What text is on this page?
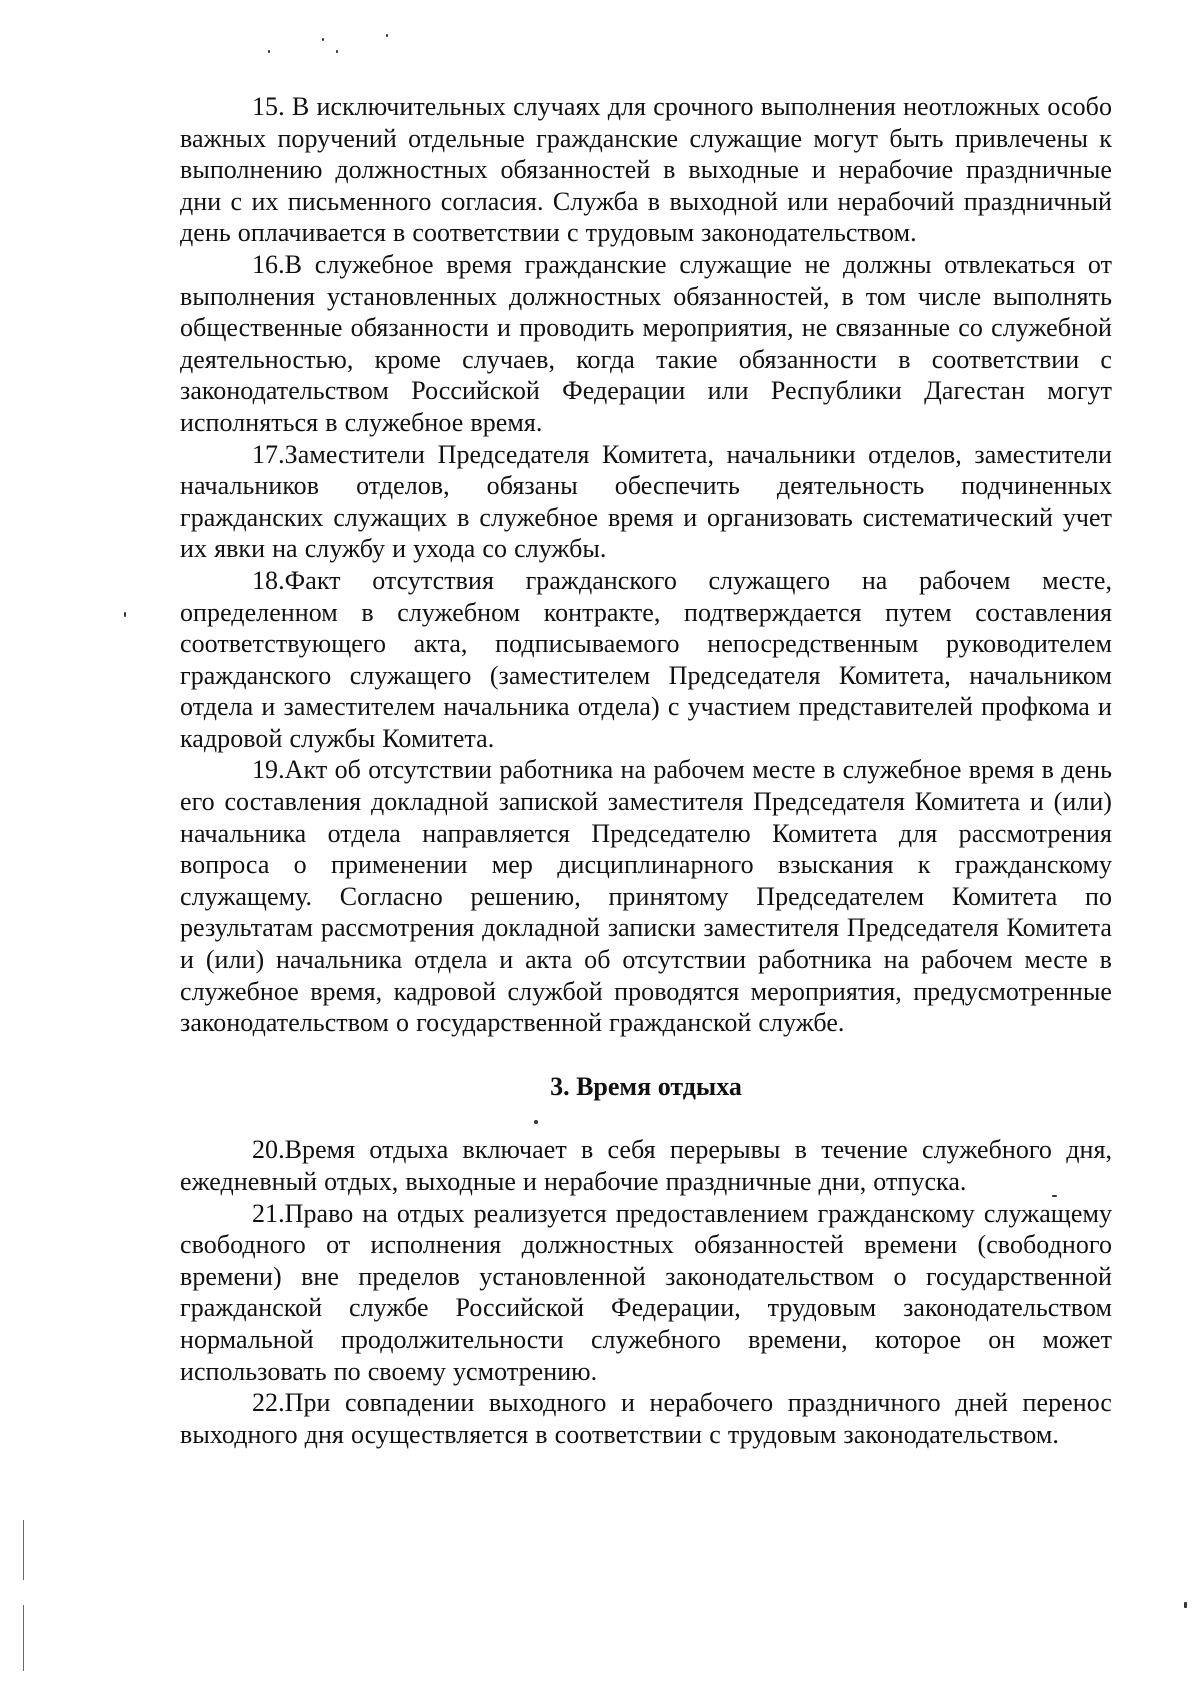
15. В исключительных случаях для срочного выполнения неотложных особо важных поручений отдельные гражданские служащие могут быть привлечены к выполнению должностных обязанностей в выходные и нерабочие праздничные дни с их письменного согласия. Служба в выходной или нерабочий праздничный день оплачивается в соответствии с трудовым законодательством.

16.В служебное время гражданские служащие не должны отвлекаться от выполнения установленных должностных обязанностей, в том числе выполнять общественные обязанности и проводить мероприятия, не связанные со служебной деятельностью, кроме случаев, когда такие обязанности в соответствии с законодательством Российской Федерации или Республики Дагестан могут исполняться в служебное время.

17.Заместители Председателя Комитета, начальники отделов, заместители начальников отделов, обязаны обеспечить деятельность подчиненных гражданских служащих в служебное время и организовать систематический учет их явки на службу и ухода со службы.

18.Факт отсутствия гражданского служащего на рабочем месте, определенном в служебном контракте, подтверждается путем составления соответствующего акта, подписываемого непосредственным руководителем гражданского служащего (заместителем Председателя Комитета, начальником отдела и заместителем начальника отдела) с участием представителей профкома и кадровой службы Комитета.

19.Акт об отсутствии работника на рабочем месте в служебное время в день его составления докладной запиской заместителя Председателя Комитета и (или) начальника отдела направляется Председателю Комитета для рассмотрения вопроса о применении мер дисциплинарного взыскания к гражданскому служащему. Согласно решению, принятому Председателем Комитета по результатам рассмотрения докладной записки заместителя Председателя Комитета и (или) начальника отдела и акта об отсутствии работника на рабочем месте в служебное время, кадровой службой проводятся мероприятия, предусмотренные законодательством о государственной гражданской службе.

3. Время отдыха

20.Время отдыха включает в себя перерывы в течение служебного дня, ежедневный отдых, выходные и нерабочие праздничные дни, отпуска.

21.Право на отдых реализуется предоставлением гражданскому служащему свободного от исполнения должностных обязанностей времени (свободного времени) вне пределов установленной законодательством о государственной гражданской службе Российской Федерации, трудовым законодательством нормальной продолжительности служебного времени, которое он может использовать по своему усмотрению.

22.При совпадении выходного и нерабочего праздничного дней перенос выходного дня осуществляется в соответствии с трудовым законодательством.
